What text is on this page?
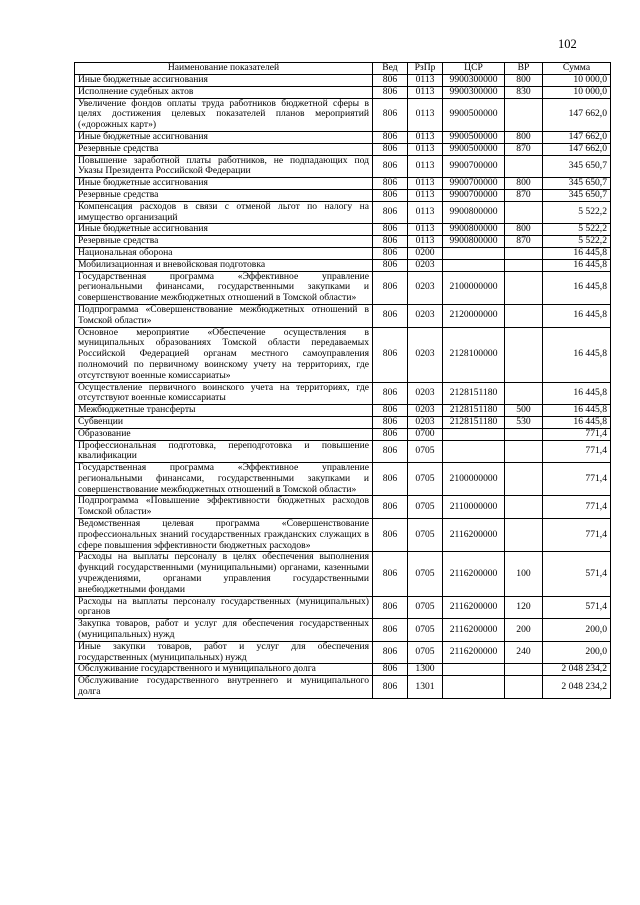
102
Наименование показателей	Вед	РзПр	ЦСР	ВР	Сумма
Иные бюджетные ассигнования	806	0113	9900300000	800	10 000,0
Исполнение судебных актов	806	0113	9900300000	830	10 000,0
Увеличение фондов оплаты труда работников бюджетной сферы в целях достижения целевых показателей планов мероприятий («дорожных карт»)	806	0113	9900500000		147 662,0
Иные бюджетные ассигнования	806	0113	9900500000	800	147 662,0
Резервные средства	806	0113	9900500000	870	147 662,0
Повышение заработной платы работников, не подпадающих под Указы Президента Российской Федерации	806	0113	9900700000		345 650,7
Иные бюджетные ассигнования	806	0113	9900700000	800	345 650,7
Резервные средства	806	0113	9900700000	870	345 650,7
Компенсация расходов в связи с отменой льгот по налогу на имущество организаций	806	0113	9900800000		5 522,2
Иные бюджетные ассигнования	806	0113	9900800000	800	5 522,2
Резервные средства	806	0113	9900800000	870	5 522,2
Национальная оборона	806	0200			16 445,8
Мобилизационная и вневойсковая подготовка	806	0203			16 445,8
Государственная программа «Эффективное управление региональными финансами, государственными закупками и совершенствование межбюджетных отношений в Томской области»	806	0203	2100000000		16 445,8
Подпрограмма «Совершенствование межбюджетных отношений в Томской области»	806	0203	2120000000		16 445,8
Основное мероприятие «Обеспечение осуществления в муниципальных образованиях Томской области передаваемых Российской Федерацией органам местного самоуправления полномочий по первичному воинскому учету на территориях, где отсутствуют военные комиссариаты»	806	0203	2128100000		16 445,8
Осуществление первичного воинского учета на территориях, где отсутствуют военные комиссариаты	806	0203	2128151180		16 445,8
Межбюджетные трансферты	806	0203	2128151180	500	16 445,8
Субвенции	806	0203	2128151180	530	16 445,8
Образование	806	0700			771,4
Профессиональная подготовка, переподготовка и повышение квалификации	806	0705			771,4
Государственная программа «Эффективное управление региональными финансами, государственными закупками и совершенствование межбюджетных отношений в Томской области»	806	0705	2100000000		771,4
Подпрограмма «Повышение эффективности бюджетных расходов Томской области»	806	0705	2110000000		771,4
Ведомственная целевая программа «Совершенствование профессиональных знаний государственных гражданских служащих в сфере повышения эффективности бюджетных расходов»	806	0705	2116200000		771,4
Расходы на выплаты персоналу в целях обеспечения выполнения функций государственными (муниципальными) органами, казенными учреждениями, органами управления государственными внебюджетными фондами	806	0705	2116200000	100	571,4
Расходы на выплаты персоналу государственных (муниципальных) органов	806	0705	2116200000	120	571,4
Закупка товаров, работ и услуг для обеспечения государственных (муниципальных) нужд	806	0705	2116200000	200	200,0
Иные закупки товаров, работ и услуг для обеспечения государственных (муниципальных) нужд	806	0705	2116200000	240	200,0
Обслуживание государственного и муниципального долга	806	1300			2 048 234,2
Обслуживание государственного внутреннего и муниципального долга	806	1301			2 048 234,2
